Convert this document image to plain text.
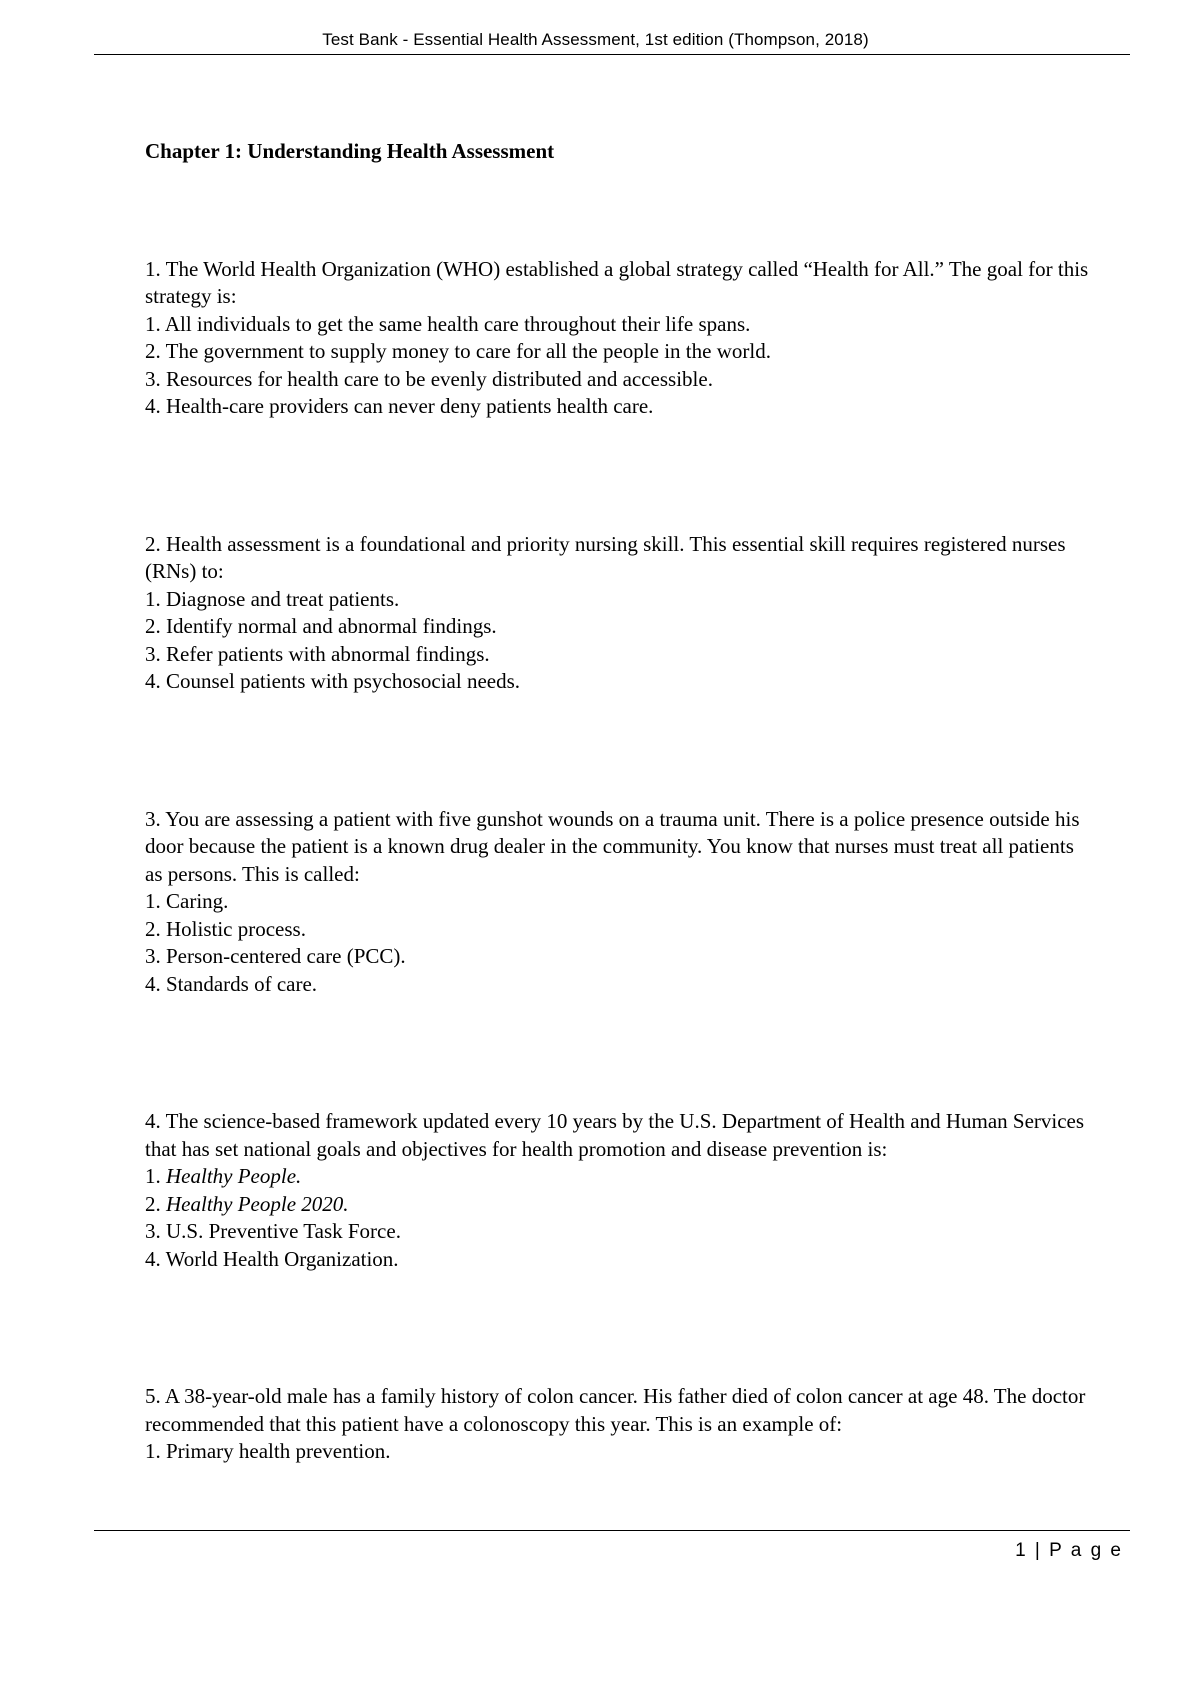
Test Bank - Essential Health Assessment, 1st edition (Thompson, 2018)
Chapter 1: Understanding Health Assessment

1. The World Health Organization (WHO) established a global strategy called “Health for All.” The goal for this strategy is:

1. All individuals to get the same health care throughout their life spans.
2. The government to supply money to care for all the people in the world.
3. Resources for health care to be evenly distributed and accessible.
4. Health-care providers can never deny patients health care.

2. Health assessment is a foundational and priority nursing skill. This essential skill requires registered nurses (RNs) to:

1. Diagnose and treat patients.
2. Identify normal and abnormal findings.
3. Refer patients with abnormal findings.
4. Counsel patients with psychosocial needs.

3. You are assessing a patient with five gunshot wounds on a trauma unit. There is a police presence outside his door because the patient is a known drug dealer in the community. You know that nurses must treat all patients as persons. This is called:

1. Caring.
2. Holistic process.
3. Person-centered care (PCC).
4. Standards of care.

4. The science-based framework updated every 10 years by the U.S. Department of Health and Human Services that has set national goals and objectives for health promotion and disease prevention is:

1. Healthy People.
2. Healthy People 2020.
3. U.S. Preventive Task Force.
4. World Health Organization.

5. A 38-year-old male has a family history of colon cancer. His father died of colon cancer at age 48. The doctor recommended that this patient have a colonoscopy this year. This is an example of:

1. Primary health prevention.
1 | P a g e
